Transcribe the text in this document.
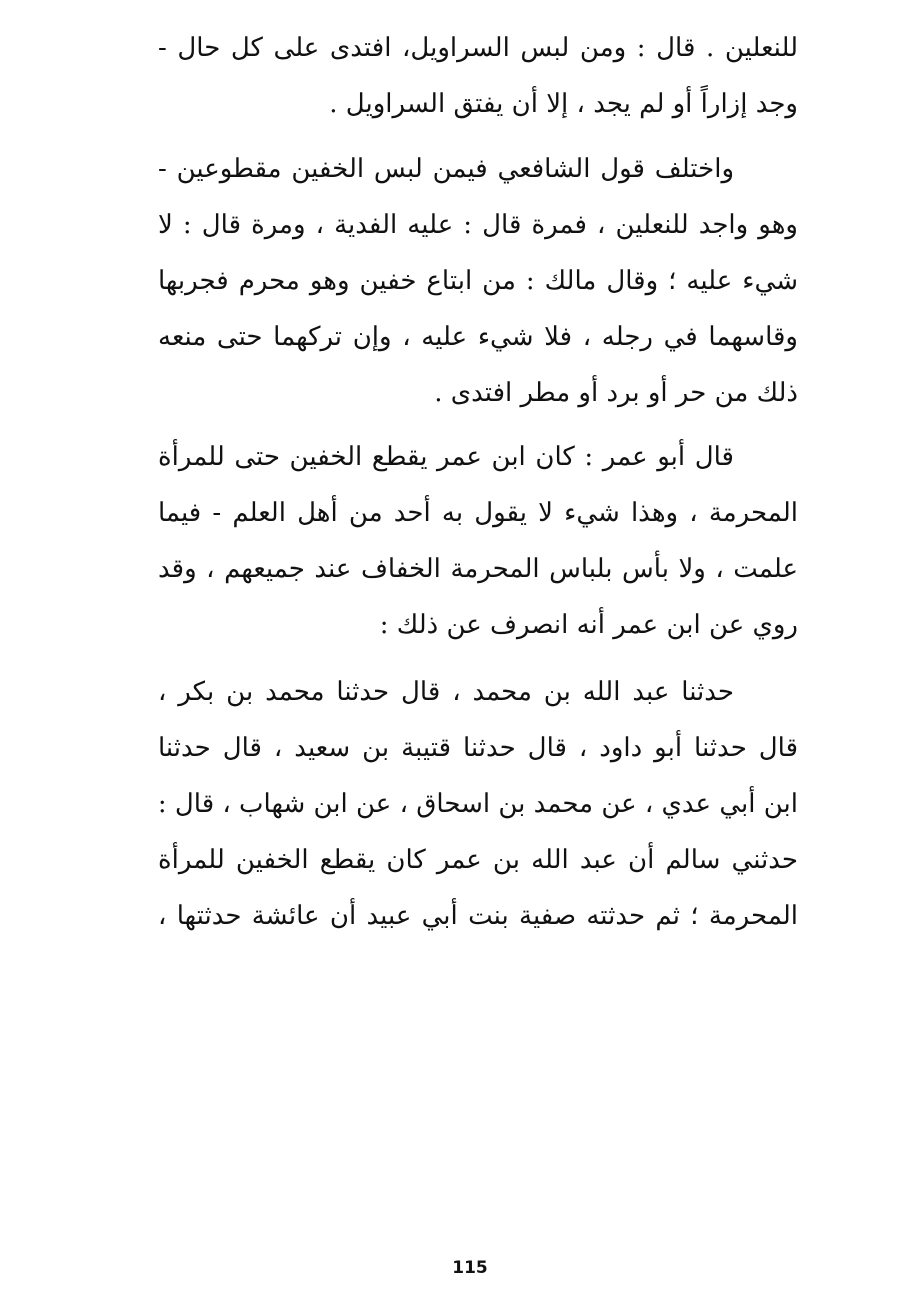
للنعلين . قال : ومن لبس السراويل، افتدى على كل حال -
وجد إزاراً أو لم يجد ، إلا أن يفتق السراويل .
واختلف قول الشافعي فيمن لبس الخفين مقطوعين -
وهو واجد للنعلين ، فمرة قال : عليه الفدية ، ومرة قال : لا
شيء عليه ؛ وقال مالك : من ابتاع خفين وهو محرم فجربها
وقاسهما في رجله ، فلا شيء عليه ، وإن تركهما حتى منعه
ذلك من حر أو برد أو مطر افتدى .
قال أبو عمر : كان ابن عمر يقطع الخفين حتى للمرأة
المحرمة ، وهذا شيء لا يقول به أحد من أهل العلم - فيما
علمت ، ولا بأس بلباس المحرمة الخفاف عند جميعهم ، وقد
روي عن ابن عمر أنه انصرف عن ذلك :
حدثنا عبد الله بن محمد ، قال حدثنا محمد بن بكر ،
قال حدثنا أبو داود ، قال حدثنا قتيبة بن سعيد ، قال حدثنا
ابن أبي عدي ، عن محمد بن اسحاق ، عن ابن شهاب ، قال :
حدثني سالم أن عبد الله بن عمر كان يقطع الخفين للمرأة
المحرمة ؛ ثم حدثته صفية بنت أبي عبيد أن عائشة حدثتها ،
115
